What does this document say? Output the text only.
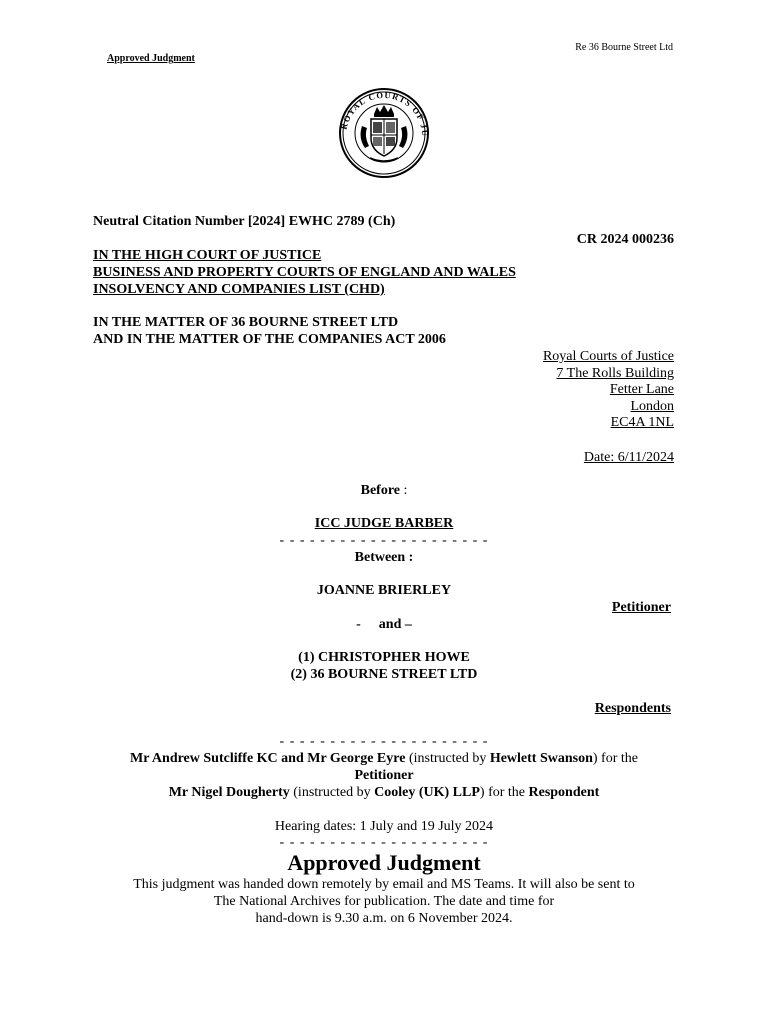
Approved Judgment
Re 36 Bourne Street Ltd
ROYAL COURTS OF JU
Neutral Citation Number [2024] EWHC 2789 (Ch)
CR 2024 000236
IN THE HIGH COURT OF JUSTICE
BUSINESS AND PROPERTY COURTS OF ENGLAND AND WALES
INSOLVENCY AND COMPANIES LIST (CHD)
IN THE MATTER OF 36 BOURNE STREET LTD
AND IN THE MATTER OF THE COMPANIES ACT 2006
Royal Courts of Justice
7 The Rolls Building
Fetter Lane
London
EC4A 1NL
Date: 6/11/2024
Before :
ICC JUDGE BARBER
- - - - - - - - - - - - - - - - - - - - -
Between :
JOANNE BRIERLEY
Petitioner
- and –
(1) CHRISTOPHER HOWE
(2) 36 BOURNE STREET LTD
Respondents
- - - - - - - - - - - - - - - - - - - - -
Mr Andrew Sutcliffe KC and Mr George Eyre (instructed by Hewlett Swanson) for the
Petitioner
Mr Nigel Dougherty (instructed by Cooley (UK) LLP) for the Respondent
Hearing dates: 1 July and 19 July 2024
- - - - - - - - - - - - - - - - - - - - -
Approved Judgment
This judgment was handed down remotely by email and MS Teams. It will also be sent to
The National Archives for publication. The date and time for
hand-down is 9.30 a.m. on 6 November 2024.
